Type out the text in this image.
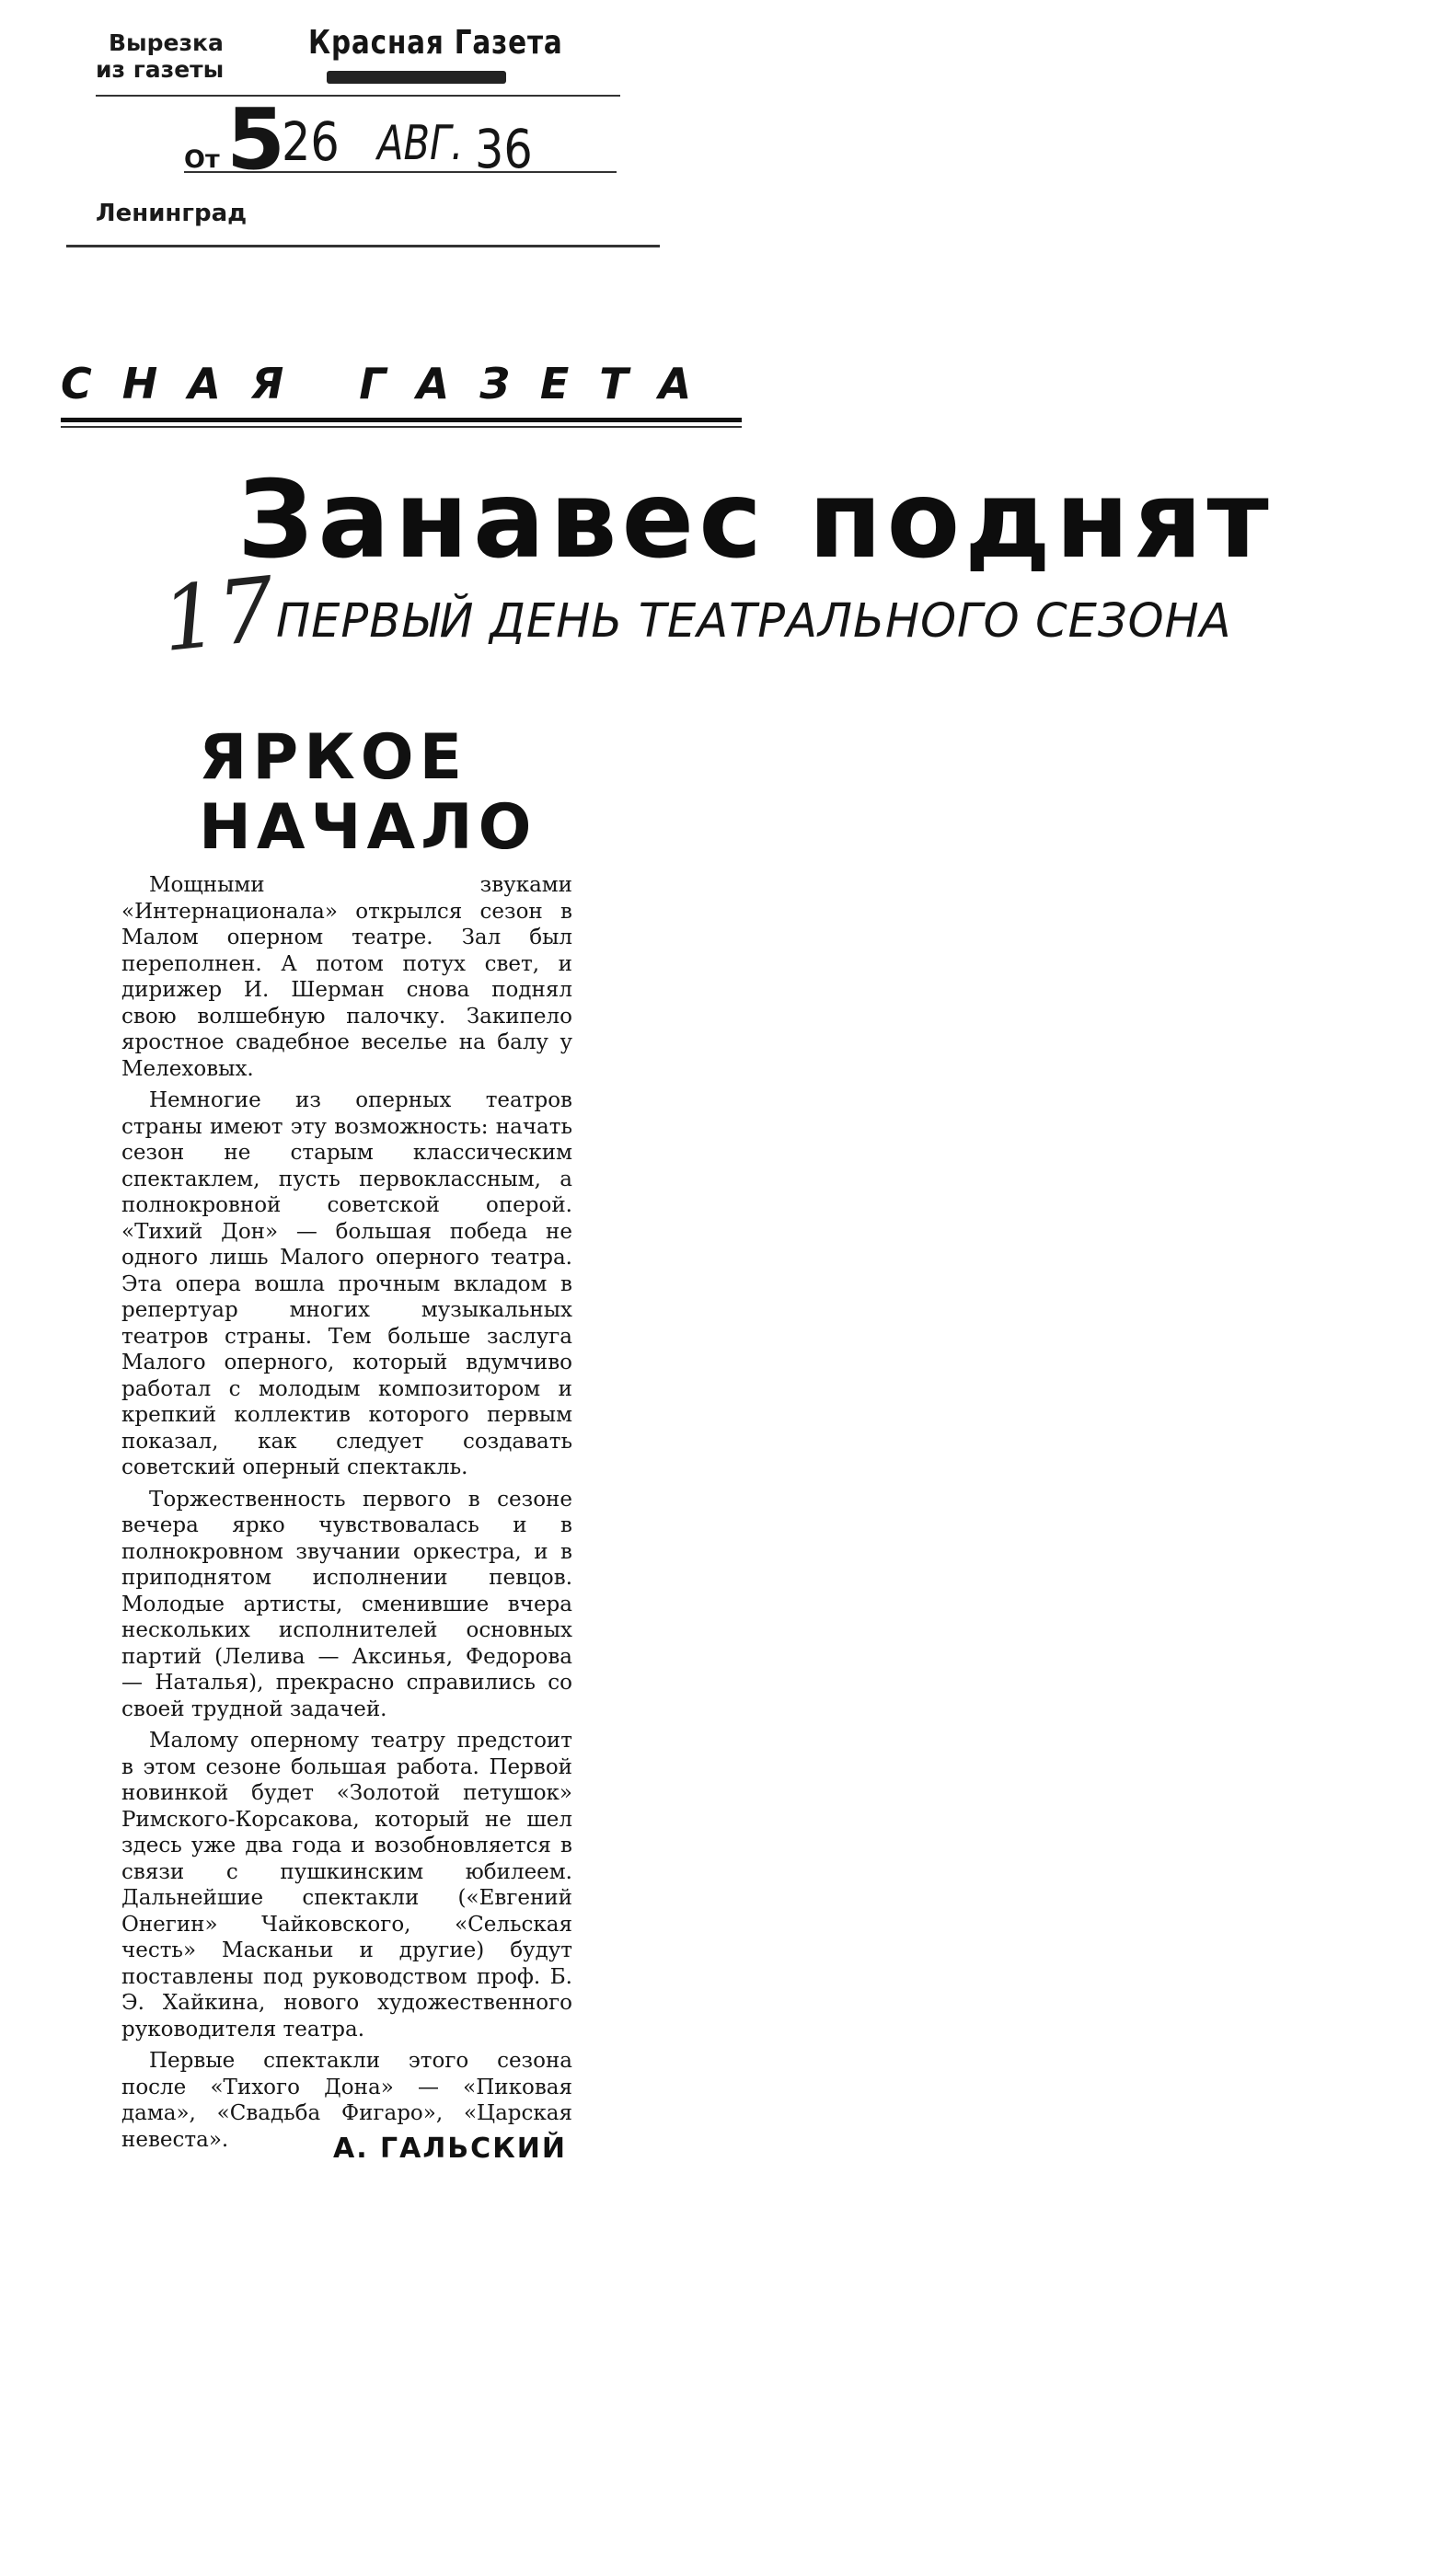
Вырезка
из газеты
Красная Газета
От 5
26 АВГ. 36
Ленинград
СНАЯ ГАЗЕТА
Занавес поднят
17
ПЕРВЫЙ ДЕНЬ ТЕАТРАЛЬНОГО СЕЗОНА
ЯРКОЕ
НАЧАЛО

Мощными звуками «Интернационала» открылся сезон в Малом оперном театре. Зал был переполнен. А потом потух свет, и дирижер И. Шерман снова поднял свою волшебную палочку. Закипело яростное свадебное веселье на балу у Мелеховых.

Немногие из оперных театров страны имеют эту возможность: начать сезон не старым классическим спектаклем, пусть первоклассным, а полнокровной советской оперой. «Тихий Дон» — большая победа не одного лишь Малого оперного театра. Эта опера вошла прочным вкладом в репертуар многих музыкальных театров страны. Тем больше заслуга Малого оперного, который вдумчиво работал с молодым композитором и крепкий коллектив которого первым показал, как следует создавать советский оперный спектакль.

Торжественность первого в сезоне вечера ярко чувствовалась и в полнокровном звучании оркестра, и в приподнятом исполнении певцов. Молодые артисты, сменившие вчера нескольких исполнителей основных партий (Лелива — Аксинья, Федорова — Наталья), прекрасно справились со своей трудной задачей.

Малому оперному театру предстоит в этом сезоне большая работа. Первой новинкой будет «Золотой петушок» Римского-Корсакова, который не шел здесь уже два года и возобновляется в связи с пушкинским юбилеем. Дальнейшие спектакли («Евгений Онегин» Чайковского, «Сельская честь» Масканьи и другие) будут поставлены под руководством проф. Б. Э. Хайкина, нового художественного руководителя театра.

Первые спектакли этого сезона после «Тихого Дона» — «Пиковая дама», «Свадьба Фигаро», «Царская невеста».	А. ГАЛЬСКИЙ
